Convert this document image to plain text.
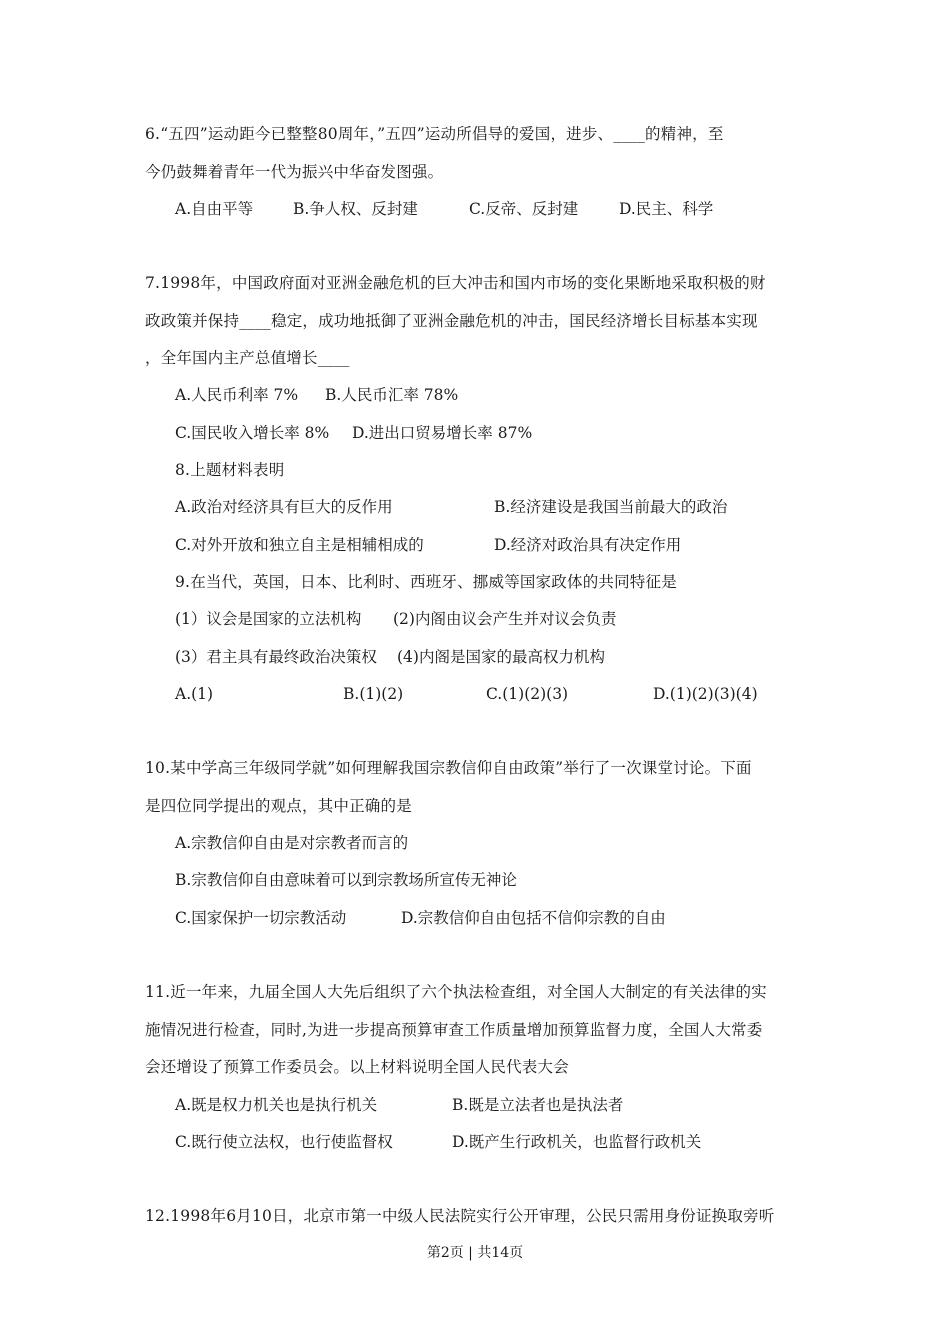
6.“五四”运动距今已整整80周年，”五四”运动所倡导的爱国，进步、____的精神，至
今仍鼓舞着青年一代为振兴中华奋发图强。
A.自由平等	B.争人权、反封建	C.反帝、反封建	D.民主、科学
7.1998年，中国政府面对亚洲金融危机的巨大冲击和国内市场的变化果断地采取积极的财
政政策并保持____稳定，成功地抵御了亚洲金融危机的冲击，国民经济增长目标基本实现
，全年国内主产总值增长____
A.人民币利率 7% B.人民币汇率 78%
C.国民收入增长率 8% D.进出口贸易增长率 87%
8.上题材料表明
A.政治对经济具有巨大的反作用	B.经济建设是我国当前最大的政治
C.对外开放和独立自主是相辅相成的	D.经济对政治具有决定作用
9.在当代，英国，日本、比利时、西班牙、挪威等国家政体的共同特征是
(1）议会是国家的立法机构 (2)内阁由议会产生并对议会负责
(3）君主具有最终政治决策权 (4)内阁是国家的最高权力机构
A.(1)	B.(1)(2)	C.(1)(2)(3)	D.(1)(2)(3)(4)
10.某中学高三年级同学就”如何理解我国宗教信仰自由政策”举行了一次课堂讨论。下面
是四位同学提出的观点，其中正确的是
A.宗教信仰自由是对宗教者而言的
B.宗教信仰自由意味着可以到宗教场所宣传无神论
C.国家保护一切宗教活动	D.宗教信仰自由包括不信仰宗教的自由
11.近一年来，九届全国人大先后组织了六个执法检查组，对全国人大制定的有关法律的实
施情况进行检查，同时,为进一步提高预算审查工作质量增加预算监督力度，全国人大常委
会还增设了预算工作委员会。以上材料说明全国人民代表大会
A.既是权力机关也是执行机关	B.既是立法者也是执法者
C.既行使立法权，也行使监督权	D.既产生行政机关，也监督行政机关
12.1998年6月10日，北京市第一中级人民法院实行公开审理，公民只需用身份证换取旁听
第2页 | 共14页
